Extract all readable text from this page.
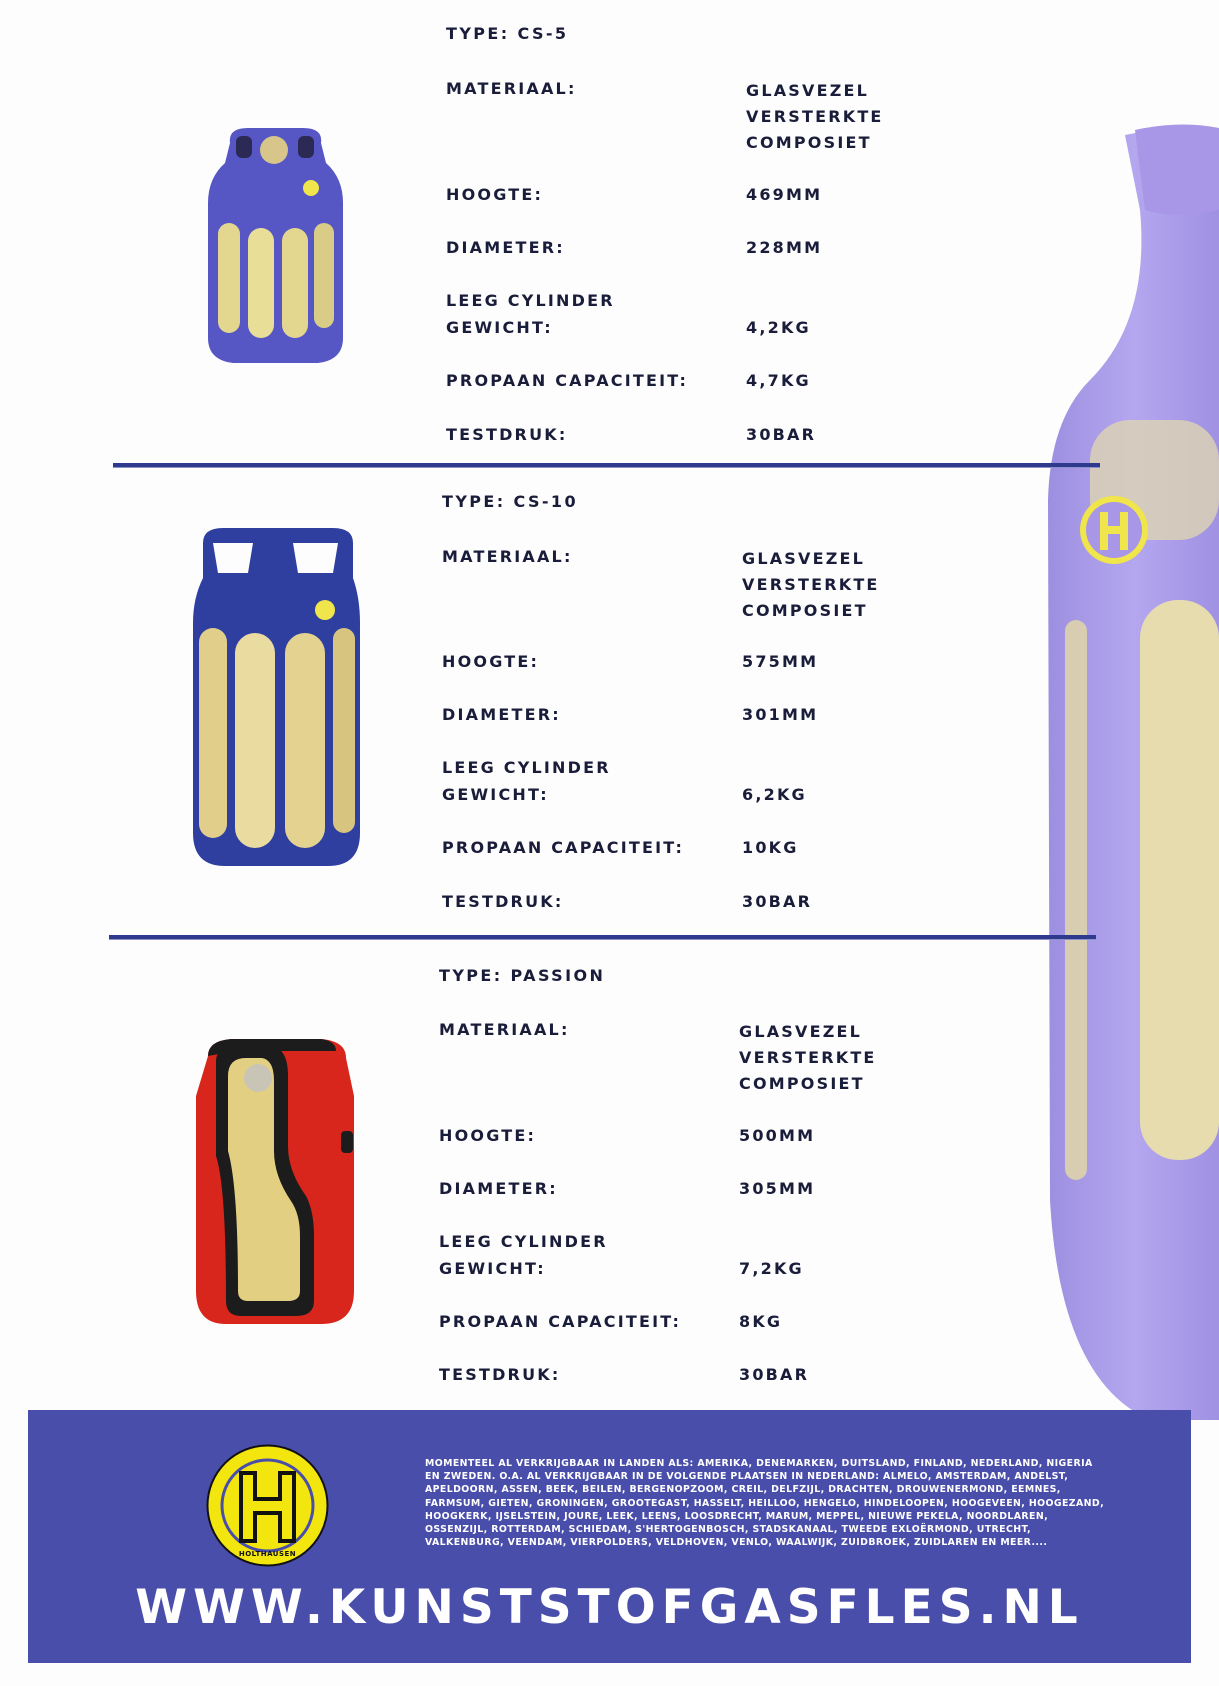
TYPE: CS-5
MATERIAAL:	GLASVEZEL
VERSTERKTE
COMPOSIET
HOOGTE:	469MM
DIAMETER:	228MM
LEEG CYLINDER
GEWICHT:	4,2KG
PROPAAN CAPACITEIT:	4,7KG
TESTDRUK:	30BAR
TYPE: CS-10
MATERIAAL:	GLASVEZEL
VERSTERKTE
COMPOSIET
HOOGTE:	575MM
DIAMETER:	301MM
LEEG CYLINDER
GEWICHT:	6,2KG
PROPAAN CAPACITEIT:	10KG
TESTDRUK:	30BAR
TYPE: PASSION
MATERIAAL:	GLASVEZEL
VERSTERKTE
COMPOSIET
HOOGTE:	500MM
DIAMETER:	305MM
LEEG CYLINDER
GEWICHT:	7,2KG
PROPAAN CAPACITEIT:	8KG
TESTDRUK:	30BAR
HOLTHAUSEN
MOMENTEEL AL VERKRIJGBAAR IN LANDEN ALS: AMERIKA, DENEMARKEN, DUITSLAND, FINLAND, NEDERLAND, NIGERIA EN ZWEDEN. O.A. AL VERKRIJGBAAR IN DE VOLGENDE PLAATSEN IN NEDERLAND: ALMELO, AMSTERDAM, ANDELST, APELDOORN, ASSEN, BEEK, BEILEN, BERGENOPZOOM, CREIL, DELFZIJL, DRACHTEN, DROUWENERMOND, EEMNES, FARMSUM, GIETEN, GRONINGEN, GROOTEGAST, HASSELT, HEILLOO, HENGELO, HINDELOOPEN, HOOGEVEEN, HOOGEZAND, HOOGKERK, IJSELSTEIN, JOURE, LEEK, LEENS, LOOSDRECHT, MARUM, MEPPEL, NIEUWE PEKELA, NOORDLAREN, OSSENZIJL, ROTTERDAM, SCHIEDAM, S'HERTOGENBOSCH, STADSKANAAL, TWEEDE EXLOËRMOND, UTRECHT, VALKENBURG, VEENDAM, VIERPOLDERS, VELDHOVEN, VENLO, WAALWIJK, ZUIDBROEK, ZUIDLAREN EN MEER....
WWW.KUNSTSTOFGASFLES.NL
